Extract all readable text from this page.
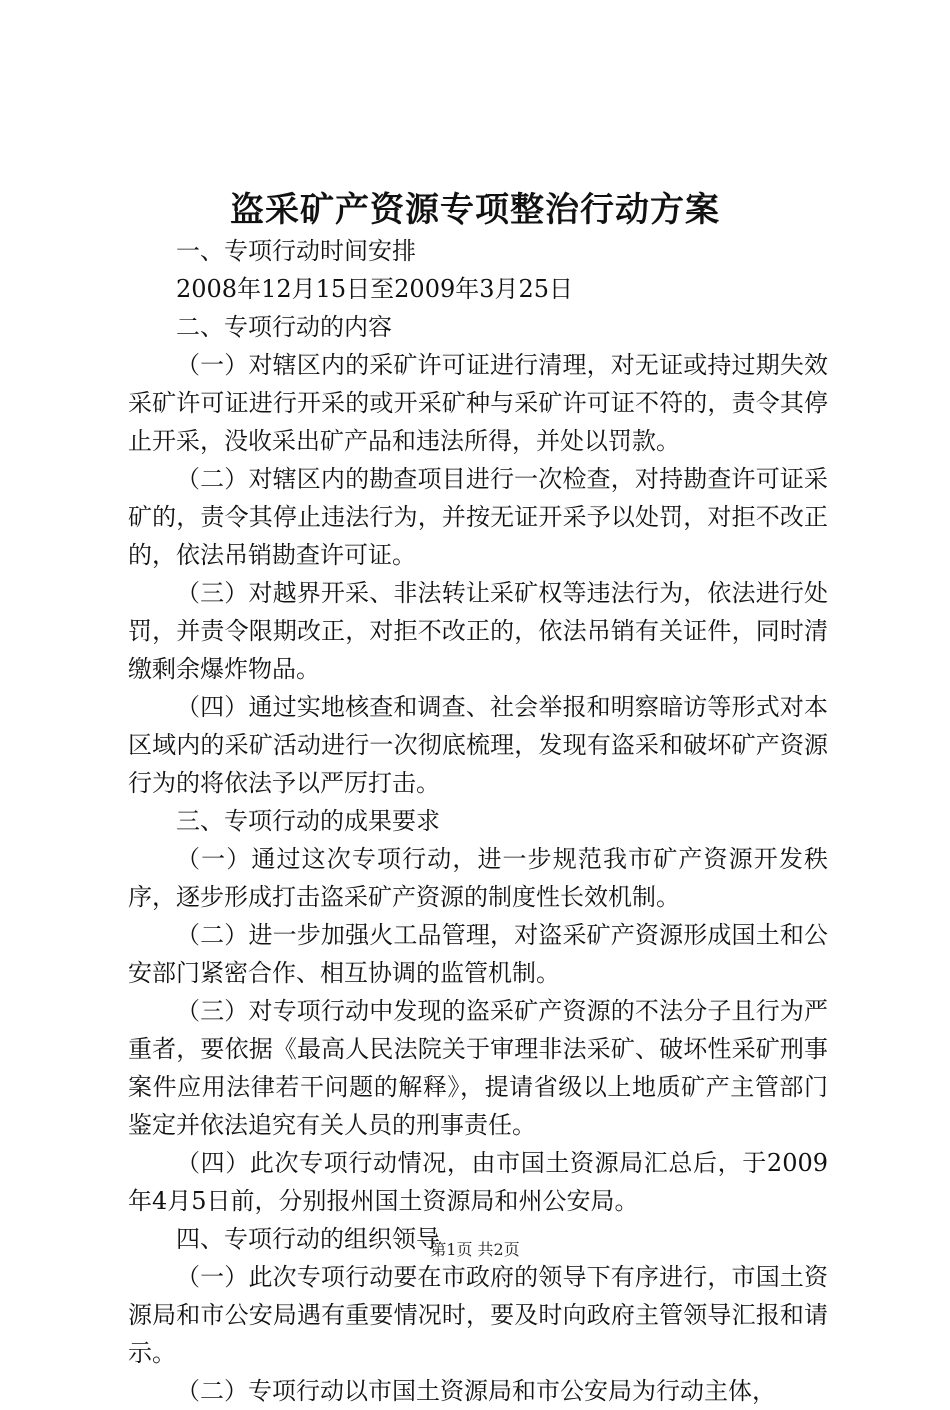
盗采矿产资源专项整治行动方案

一、专项行动时间安排

2008年12月15日至2009年3月25日

二、专项行动的内容

（一）对辖区内的采矿许可证进行清理，对无证或持过期失效采矿许可证进行开采的或开采矿种与采矿许可证不符的，责令其停止开采，没收采出矿产品和违法所得，并处以罚款。

（二）对辖区内的勘查项目进行一次检查，对持勘查许可证采矿的，责令其停止违法行为，并按无证开采予以处罚，对拒不改正的，依法吊销勘查许可证。

（三）对越界开采、非法转让采矿权等违法行为，依法进行处罚，并责令限期改正，对拒不改正的，依法吊销有关证件，同时清缴剩余爆炸物品。

（四）通过实地核查和调查、社会举报和明察暗访等形式对本区域内的采矿活动进行一次彻底梳理，发现有盗采和破坏矿产资源行为的将依法予以严厉打击。

三、专项行动的成果要求

（一）通过这次专项行动，进一步规范我市矿产资源开发秩序，逐步形成打击盗采矿产资源的制度性长效机制。

（二）进一步加强火工品管理，对盗采矿产资源形成国土和公安部门紧密合作、相互协调的监管机制。

（三）对专项行动中发现的盗采矿产资源的不法分子且行为严重者，要依据《最高人民法院关于审理非法采矿、破坏性采矿刑事案件应用法律若干问题的解释》，提请省级以上地质矿产主管部门鉴定并依法追究有关人员的刑事责任。

（四）此次专项行动情况，由市国土资源局汇总后，于2009年4月5日前，分别报州国土资源局和州公安局。

四、专项行动的组织领导

（一）此次专项行动要在市政府的领导下有序进行，市国土资源局和市公安局遇有重要情况时，要及时向政府主管领导汇报和请示。

（二）专项行动以市国土资源局和市公安局为行动主体，

第1页 共2页
